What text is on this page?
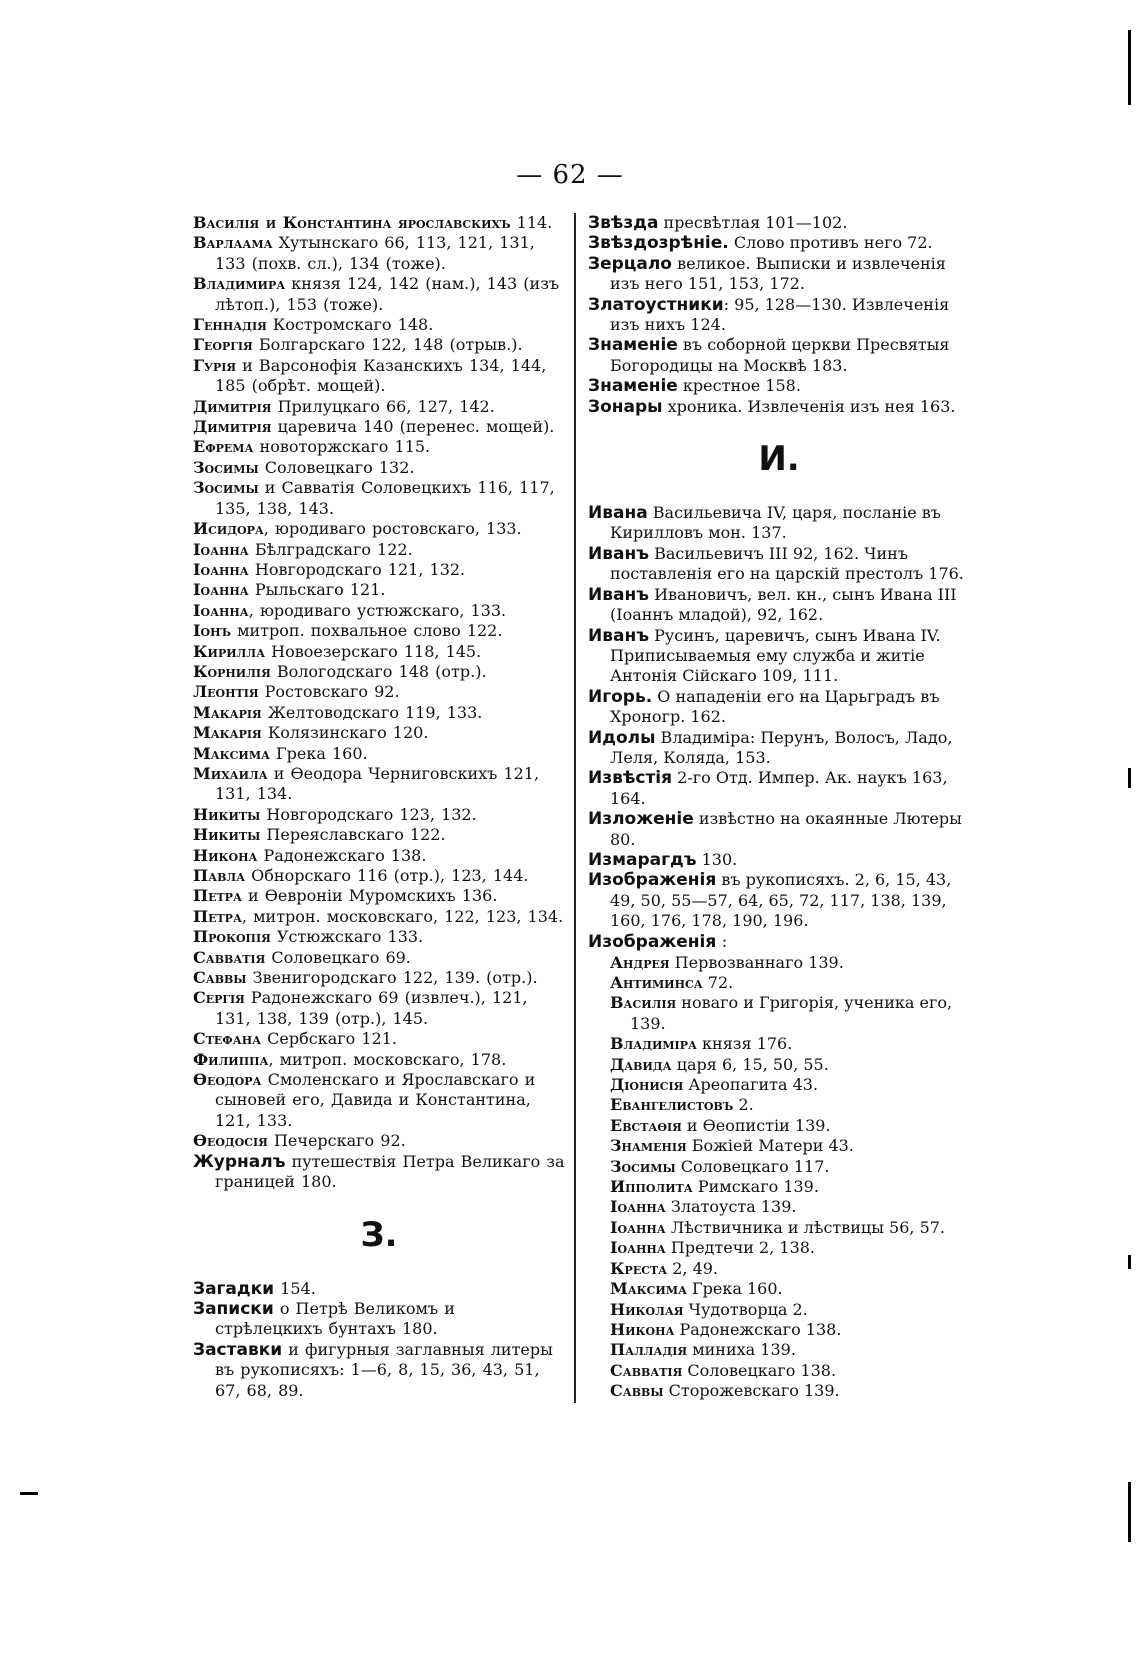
— 62 —
Василія и Константина ярославскихъ 114.
Варлаама Хутынскаго 66, 113, 121, 131, 133 (похв. сл.), 134 (тоже).
Владимира князя 124, 142 (нам.), 143 (изъ лѣтоп.), 153 (тоже).
Геннадія Костромскаго 148.
Георгія Болгарскаго 122, 148 (отрыв.).
Гурія и Варсонофія Казанскихъ 134, 144, 185 (обрѣт. мощей).
Димитрія Прилуцкаго 66, 127, 142.
Димитрія царевича 140 (перенес. мощей).
Ефрема новоторжскаго 115.
Зосимы Соловецкаго 132.
Зосимы и Савватія Соловецкихъ 116, 117, 135, 138, 143.
Исидора, юродиваго ростовскаго, 133.
Іоанна Бѣлградскаго 122.
Іоанна Новгородскаго 121, 132.
Іоанна Рыльскаго 121.
Іоанна, юродиваго устюжскаго, 133.
Іонъ митроп. похвальное слово 122.
Кирилла Новоезерскаго 118, 145.
Корнилія Вологодскаго 148 (отр.).
Леонтія Ростовскаго 92.
Макарія Желтоводскаго 119, 133.
Макарія Колязинскаго 120.
Максима Грека 160.
Михаила и Өеодора Черниговскихъ 121, 131, 134.
Никиты Новгородскаго 123, 132.
Никиты Переяславскаго 122.
Никона Радонежскаго 138.
Павла Обнорскаго 116 (отр.), 123, 144.
Петра и Өевроніи Муромскихъ 136.
Петра, митрон. московскаго, 122, 123, 134.
Прокопія Устюжскаго 133.
Савватія Соловецкаго 69.
Саввы Звенигородскаго 122, 139. (отр.).
Сергія Радонежскаго 69 (извлеч.), 121, 131, 138, 139 (отр.), 145.
Стефана Сербскаго 121.
Филиппа, митроп. московскаго, 178.
Өеодора Смоленскаго и Ярославскаго и сыновей его, Давида и Константина, 121, 133.
Өеодосія Печерскаго 92.
Журналъ путешествія Петра Великаго за границей 180.
З.
Загадки 154.
Записки о Петрѣ Великомъ и стрѣлецкихъ бунтахъ 180.
Заставки и фигурныя заглавныя литеры въ рукописяхъ: 1—6, 8, 15, 36, 43, 51, 67, 68, 89.
Звѣзда пресвѣтлая 101—102.
Звѣздозрѣніе. Слово противъ него 72.
Зерцало великое. Выписки и извлеченія изъ него 151, 153, 172.
Златоустники: 95, 128—130. Извлеченія изъ нихъ 124.
Знаменіе въ соборной церкви Пресвятыя Богородицы на Москвѣ 183.
Знаменіе крестное 158.
Зонары хроника. Извлеченія изъ нея 163.
И.
Ивана Васильевича IV, царя, посланіе въ Кирилловъ мон. 137.
Иванъ Васильевичъ III 92, 162. Чинъ поставленія его на царскій престолъ 176.
Иванъ Ивановичъ, вел. кн., сынъ Ивана III (Іоаннъ младой), 92, 162.
Иванъ Русинъ, царевичъ, сынъ Ивана IV. Приписываемыя ему служба и житіе Антонія Сійскаго 109, 111.
Игорь. О нападеніи его на Царьградъ въ Хроногр. 162.
Идолы Владиміра: Перунъ, Волосъ, Ладо, Леля, Коляда, 153.
Извѣстія 2-го Отд. Импер. Ак. наукъ 163, 164.
Изложеніе извѣстно на окаянные Лютеры 80.
Измарагдъ 130.
Изображенія въ рукописяхъ. 2, 6, 15, 43, 49, 50, 55—57, 64, 65, 72, 117, 138, 139, 160, 176, 178, 190, 196.
Изображенія :
Андрея Первозваннаго 139.
Антиминса 72.
Василія новаго и Григорія, ученика его, 139.
Владиміра князя 176.
Давида царя 6, 15, 50, 55.
Діонисія Ареопагита 43.
Евангелистовъ 2.
Евстаөія и Өеопистіи 139.
Знаменія Божіей Матери 43.
Зосимы Соловецкаго 117.
Ипполита Римскаго 139.
Іоанна Златоуста 139.
Іоанна Лѣствичника и лѣствицы 56, 57.
Іоанна Предтечи 2, 138.
Креста 2, 49.
Максима Грека 160.
Николая Чудотворца 2.
Никона Радонежскаго 138.
Палладія миниха 139.
Савватія Соловецкаго 138.
Саввы Сторожевскаго 139.
